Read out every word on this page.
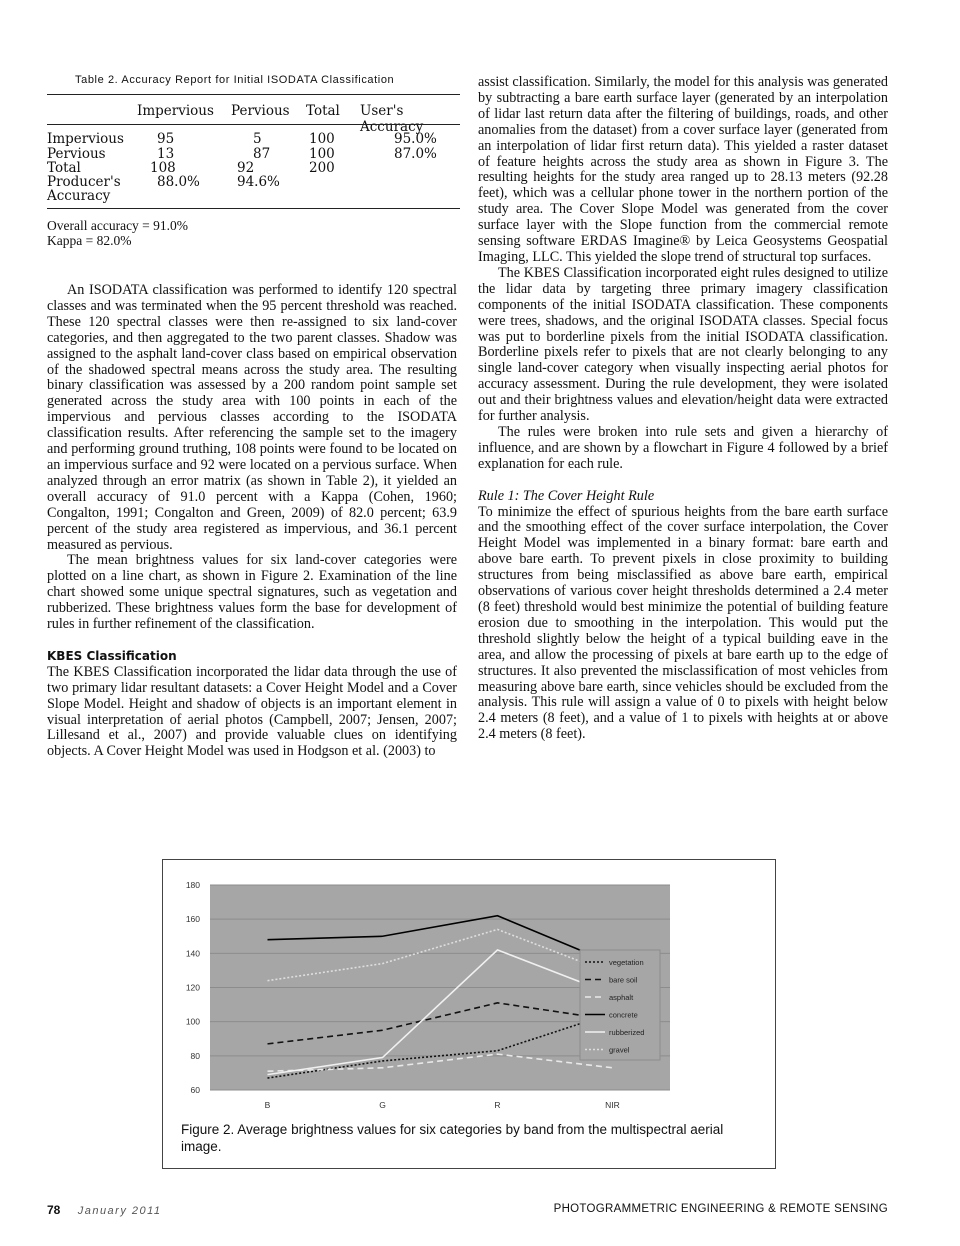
Table 2. Accuracy Report for Initial ISODATA Classification
Impervious Pervious Total User's Accuracy
Impervious 95	5	100	95.0%
Pervious	13	87	100	87.0%
Total	108	92	200
Producer's	88.0%	94.6%
Accuracy
Overall accuracy = 91.0%
Kappa = 82.0%

An ISODATA classification was performed to identify 120 spectral classes and was terminated when the 95 percent threshold was reached. These 120 spectral classes were then re-assigned to six land-cover categories, and then aggregated to the two parent classes. Shadow was assigned to the asphalt land-cover class based on empirical observation of the shadowed spectral means across the study area. The resulting binary classification was assessed by a 200 random point sample set generated across the study area with 100 points in each of the impervious and pervious classes according to the ISODATA classification results. After referencing the sample set to the imagery and performing ground truthing, 108 points were found to be located on an impervious surface and 92 were located on a pervious surface. When analyzed through an error matrix (as shown in Table 2), it yielded an overall accuracy of 91.0 percent with a Kappa (Cohen, 1960; Congalton, 1991; Congalton and Green, 2009) of 82.0 percent; 63.9 percent of the study area registered as impervious, and 36.1 percent measured as pervious.

The mean brightness values for six land-cover categories were plotted on a line chart, as shown in Figure 2. Examination of the line chart showed some unique spectral signatures, such as vegetation and rubberized. These brightness values form the base for development of rules in further refinement of the classification.

KBES Classification

The KBES Classification incorporated the lidar data through the use of two primary lidar resultant datasets: a Cover Height Model and a Cover Slope Model. Height and shadow of objects is an important element in visual interpretation of aerial photos (Campbell, 2007; Jensen, 2007; Lillesand et al., 2007) and provide valuable clues on identifying objects. A Cover Height Model was used in Hodgson et al. (2003) to

assist classification. Similarly, the model for this analysis was generated by subtracting a bare earth surface layer (generated by an interpolation of lidar last return data after the filtering of buildings, roads, and other anomalies from the dataset) from a cover surface layer (generated from an interpolation of lidar first return data). This yielded a raster dataset of feature heights across the study area as shown in Figure 3. The resulting heights for the study area ranged up to 28.13 meters (92.28 feet), which was a cellular phone tower in the northern portion of the study area. The Cover Slope Model was generated from the cover surface layer with the Slope function from the commercial remote sensing software ERDAS Imagine® by Leica Geosystems Geospatial Imaging, LLC. This yielded the slope trend of structural top surfaces.

The KBES Classification incorporated eight rules designed to utilize the lidar data by targeting three primary imagery classification components of the initial ISODATA classification. These components were trees, shadows, and the original ISODATA classes. Special focus was put to borderline pixels from the initial ISODATA classification. Borderline pixels refer to pixels that are not clearly belonging to any single land-cover category when visually inspecting aerial photos for accuracy assessment. During the rule development, they were isolated out and their brightness values and elevation/height data were extracted for further analysis.

The rules were broken into rule sets and given a hierarchy of influence, and are shown by a flowchart in Figure 4 followed by a brief explanation for each rule.

Rule 1: The Cover Height Rule

To minimize the effect of spurious heights from the bare earth surface and the smoothing effect of the cover surface interpolation, the Cover Height Model was implemented in a binary format: bare earth and above bare earth. To prevent pixels in close proximity to building structures from being misclassified as above bare earth, empirical observations of various cover height thresholds determined a 2.4 meter (8 feet) threshold would best minimize the potential of building feature erosion due to smoothing in the interpolation. This would put the threshold slightly below the height of a typical building eave in the area, and allow the processing of pixels at bare earth up to the edge of structures. It also prevented the misclassification of most vehicles from measuring above bare earth, since vehicles should be excluded from the analysis. This rule will assign a value of 0 to pixels with height below 2.4 meters (8 feet), and a value of 1 to pixels with heights at or above 2.4 meters (8 feet).

60
80
100
120
140
160
180
B	G	R	NIR
vegetation
bare soil
asphalt
concrete
rubberized
gravel
Figure 2. Average brightness values for six categories by band from the multispectral aerial image.
78 January 2011	PHOTOGRAMMETRIC ENGINEERING & REMOTE SENSING
